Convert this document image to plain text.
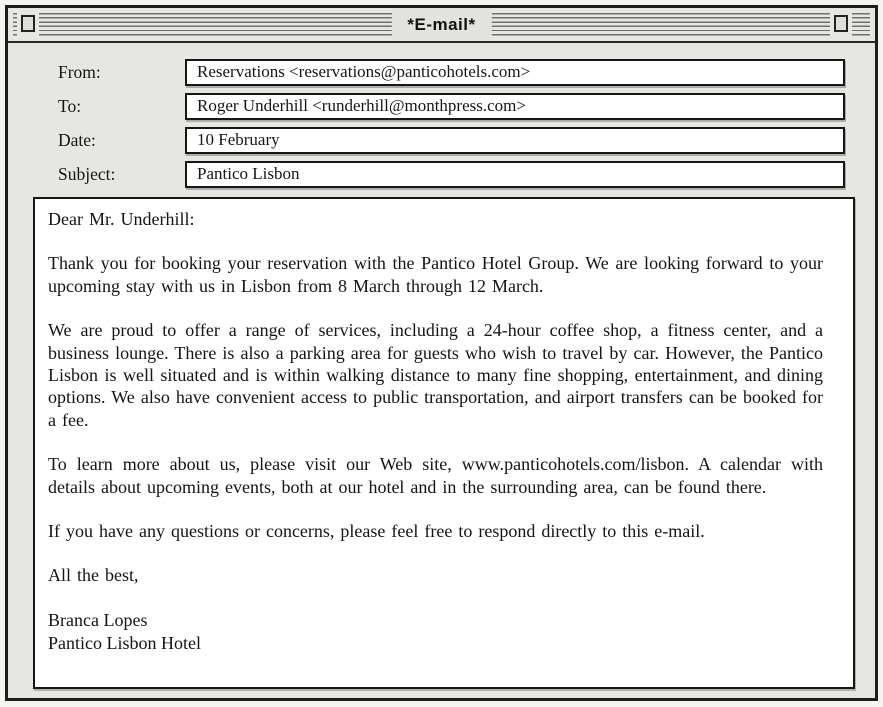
*E-mail*
From:
Reservations <reservations@panticohotels.com>
To:
Roger Underhill <runderhill@monthpress.com>
Date:
10 February
Subject:
Pantico Lisbon

Dear Mr. Underhill:

Thank you for booking your reservation with the Pantico Hotel Group. We are looking forward to your upcoming stay with us in Lisbon from 8 March through 12 March.

We are proud to offer a range of services, including a 24-hour coffee shop, a fitness center, and a business lounge. There is also a parking area for guests who wish to travel by car. However, the Pantico Lisbon is well situated and is within walking distance to many fine shopping, entertainment, and dining options. We also have convenient access to public transportation, and airport transfers can be booked for a fee.

To learn more about us, please visit our Web site, www.panticohotels.com/lisbon. A calendar with details about upcoming events, both at our hotel and in the surrounding area, can be found there.

If you have any questions or concerns, please feel free to respond directly to this e-mail.

All the best,

Branca Lopes
Pantico Lisbon Hotel
